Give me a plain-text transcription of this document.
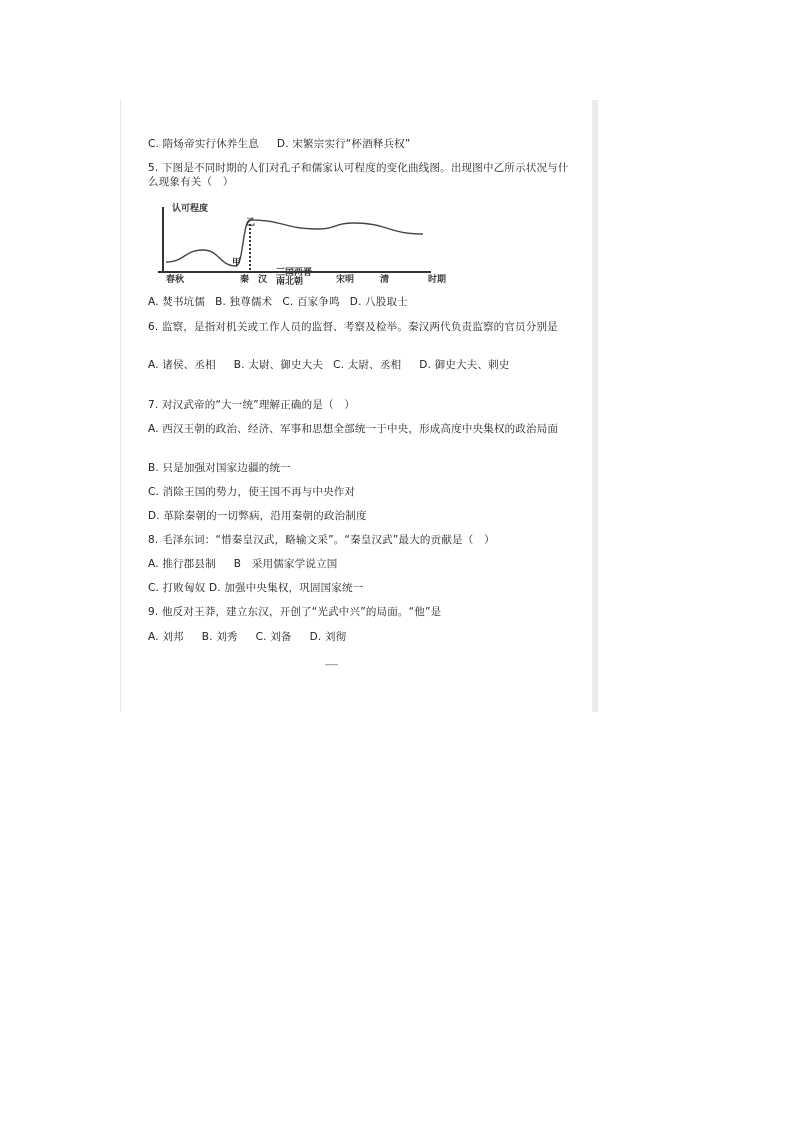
C. 隋炀帝实行休养生息 D. 宋繁宗实行“杯酒释兵权”
5. 下图是不同时期的人们对孔子和儒家认可程度的变化曲线图。出现图中乙所示状况与什么现象有关（　）
认可程度
时期
乙
甲
春秋	秦　汉
三国两晋
南北朝	宋明	清
A. 焚书坑儒 B. 独尊儒术 C. 百家争鸣 D. 八股取士
6. 监察，是指对机关或工作人员的监督、考察及检举。秦汉两代负责监察的官员分别是
A. 诸侯、丞相 B. 太尉、御史大夫 C. 太尉、丞相 D. 御史大夫、刺史
7. 对汉武帝的“大一统”理解正确的是（　）
A. 西汉王朝的政治、经济、军事和思想全部统一于中央，形成高度中央集权的政治局面
B. 只是加强对国家边疆的统一
C. 消除王国的势力，使王国不再与中央作对
D. 革除秦朝的一切弊病，沿用秦朝的政治制度
8. 毛泽东词：“惜秦皇汉武，略输文采”。“秦皇汉武”最大的贡献是（　）
A. 推行郡县制 B　采用儒家学说立国
C. 打败匈奴 D. 加强中央集权，巩固国家统一
9. 他反对王莽，建立东汉，开创了“光武中兴”的局面。“他”是
A. 刘邦 B. 刘秀 C. 刘备 D. 刘彻
—
